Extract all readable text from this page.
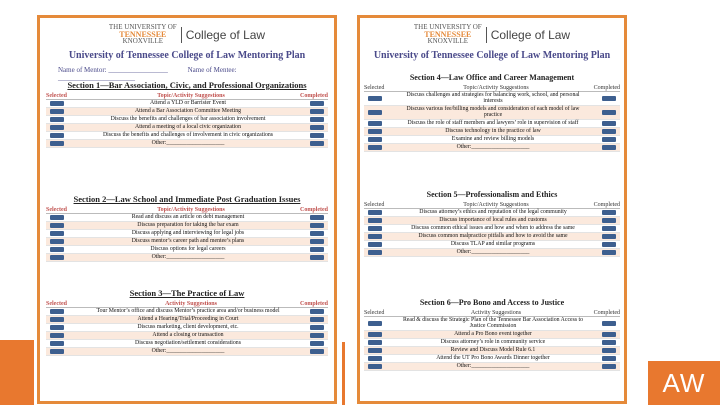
THE UNIVERSITY OF
TENNESSEE
KNOXVILLE College of Law
University of Tennessee College of Law Mentoring Plan
Name of Mentor: _________________	Name of Mentee: ______________________
Section 1—Bar Association, Civic, and Professional Organizations
Selected	Topic/Activity Suggestions	Completed
Attend a YLD or Barrister Event
Attend a Bar Association Committee Meeting
Discuss the benefits and challenges of bar association involvement
Attend a meeting of a local civic organization
Discuss the benefits and challenges of involvement in civic organizations
Other:____________________
Section 2—Law School and Immediate Post Graduation Issues
Selected	Topic/Activity Suggestions	Completed
Read and discuss an article on debt management
Discuss preparation for taking the bar exam
Discuss applying and interviewing for legal jobs
Discuss mentor’s career path and mentee’s plans
Discuss options for legal careers
Other:____________________
Section 3—The Practice of Law
Selected	Activity Suggestions	Completed
Tour Mentor’s office and discuss Mentor’s practice area and/or business model
Attend a Hearing/Trial/Proceeding in Court
Discuss marketing, client development, etc.
Attend a closing or transaction
Discuss negotiation/settlement considerations
Other:____________________
THE UNIVERSITY OF
TENNESSEE
KNOXVILLE College of Law
University of Tennessee College of Law Mentoring Plan
Section 4—Law Office and Career Management
Selected	Topic/Activity Suggestions	Completed
Discuss challenges and strategies for balancing work, school, and personal interests
Discuss various fee/billing models and consideration of each model of law practice
Discuss the role of staff members and lawyers’ role in supervision of staff
Discuss technology in the practice of law
Examine and review billing models
Other:____________________
Section 5—Professionalism and Ethics
Selected	Topic/Activity Suggestions	Completed
Discuss attorney’s ethics and reputation of the legal community
Discuss importance of local rules and customs
Discuss common ethical issues and how and when to address the same
Discuss common malpractice pitfalls and how to avoid the same
Discuss TLAP and similar programs
Other:____________________
Section 6—Pro Bono and Access to Justice
Selected	Activity Suggestions	Completed
Read & discuss the Strategic Plan of the Tennessee Bar Association Access to Justice Commission
Attend a Pro Bono event together
Discuss attorney’s role in community service
Review and Discuss Model Rule 6.1
Attend the UT Pro Bono Awards Dinner together
Other:____________________
AW
